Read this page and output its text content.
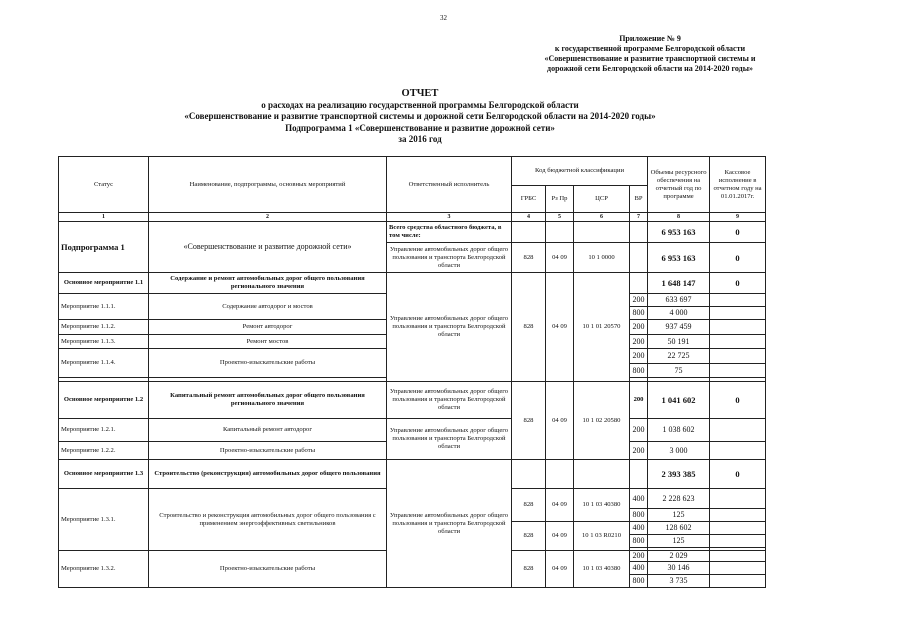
32
Приложение № 9
к государственной программе Белгородской области
«Совершенствование и развитие транспортной системы и
дорожной сети Белгородской области на 2014-2020 годы»
ОТЧЕТ
о расходах на реализацию государственной программы Белгородской области
«Совершенствование и развитие транспортной системы и дорожной сети Белгородской области на 2014-2020 годы»
Подпрограмма 1 «Совершенствование и развитие дорожной сети»
за 2016 год
Статус	Наименование, подпрограммы, основных мероприятий	Ответственный исполнитель	Код бюджетной классификации				Объемы ресурсного обеспечения на отчетный год по программе	Кассовое исполнение в отчетном году на 01.01.2017г.
			ГРБС	Рз Пр	ЦСР	ВР		
1	2	3	4	5	6	7	8	9
Подпрограмма 1	«Совершенствование и развитие дорожной сети»	Всего средства областного бюджета, в том числе:					6 953 163	0
		Управление автомобильных дорог общего пользования и транспорта Белгородской области	828	04 09	10 1 0000		6 953 163	0
Основное мероприятие 1.1	Содержание и ремонт автомобильных дорог общего пользования регионального значения	Управление автомобильных дорог общего пользования и транспорта Белгородской области	828	04 09	10 1 01 20570		1 648 147	0
Мероприятие 1.1.1.	Содержание автодорог и мостов					200	633 697	
						800	4 000	
Мероприятие 1.1.2.	Ремонт автодорог					200	937 459	
Мероприятие 1.1.3.	Ремонт мостов					200	50 191	
Мероприятие 1.1.4.	Проектно-изыскательские работы					200	22 725	
						800	75	

Основное мероприятие 1.2	Капитальный ремонт автомобильных дорог общего пользования регионального значения	Управление автомобильных дорог общего пользования и транспорта Белгородской области	828	04 09	10 1 02 20580	200	1 041 602	0
Мероприятие 1.2.1.	Капитальный ремонт автодорог	Управление автомобильных дорог общего пользования и транспорта Белгородской области				200	1 038 602	
Мероприятие 1.2.2.	Проектно-изыскательские работы					200	3 000	
Основное мероприятие 1.3	Строительство (реконструкция) автомобильных дорог общего пользования	Управление автомобильных дорог общего пользования и транспорта Белгородской области					2 393 385	0
Мероприятие 1.3.1.	Строительство и реконструкция автомобильных дорог общего пользования с применением энергоэффективных светильников		828	04 09	10 1 03 40380	400	2 228 623	

						800	125	
			828	04 09	10 1 03 R0210	400	128 602	
						800	125	

Мероприятие 1.3.2.	Проектно-изыскательские работы		828	04 09	10 1 03 40380	200	2 029	
						400	30 146	
						800	3 735	
